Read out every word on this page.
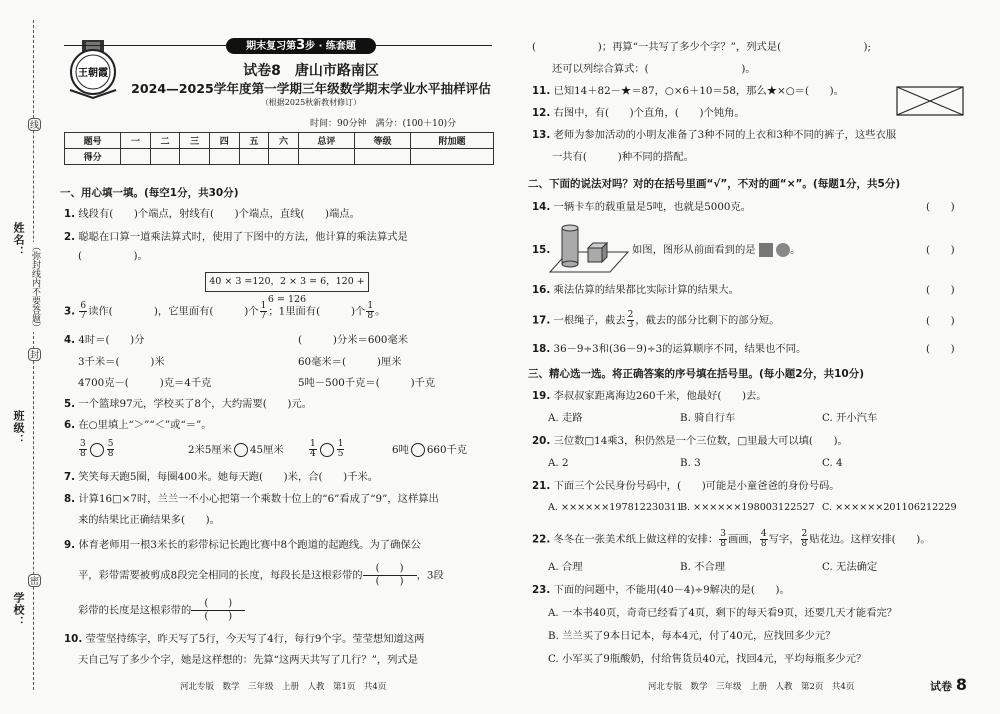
姓名：
班级：
学校：
（弥封线内不要答题）
线
封
密
王朝霞
期末复习第3步 · 练套题
试卷8　唐山市路南区
2024—2025学年度第一学期三年级数学期末学业水平抽样评估
（根据2025秋新教材修订）
时间：90分钟　满分：(100＋10)分
题号	一	二	三	四	五	六	总评	等级	附加题
得分									
一、用心填一填。(每空1分，共30分)
1. 线段有(　　)个端点，射线有(　　)个端点，直线(　　)端点。
2. 聪聪在口算一道乘法算式时，使用了下图中的方法，他计算的乘法算式是
(　　　　　)。
40 × 3 =120，2 × 3 = 6，120 + 6 = 126
3. $\frac{6}{7}$ 读作(　　　　)，它里面有(　　　)个 $\frac{1}{7}$ ；1里面有(　　　)个 $\frac{1}{8}$ 。
4. 4时＝(　　)分	(　　　)分米＝600毫米
3千米＝(　　　)米	60毫米＝(　　　)厘米
4700克－(　　　)克＝4千克	5吨－500千克＝(　　　)千克
5. 一个篮球97元，学校买了8个，大约需要(　　)元。
6. 在○里填上“＞”“＜”或“＝”。
$\frac{3}{8} \frac{5}{8}$	2米5厘米 45厘米	$\frac{1}{4} \frac{1}{5}$	6吨 660千克
7. 笑笑每天跑5圈，每圈400米。她每天跑(　　)米，合(　　)千米。
8. 计算16□×7时，兰兰一不小心把第一个乘数十位上的“6”看成了“9”，这样算出
来的结果比正确结果多(　　)。
9. 体育老师用一根3米长的彩带标记长跑比赛中8个跑道的起跑线。为了确保公
平，彩带需要被剪成8段完全相同的长度，每段长是这根彩带的 $\frac{( )}{( )}$，3段
彩带的长度是这根彩带的 $\frac{( )}{( )}$
10. 莹莹坚持练字，昨天写了5行，今天写了4行，每行9个字。莹莹想知道这两
天自己写了多少个字，她是这样想的：先算“这两天共写了几行？”，列式是
河北专版　数学　三年级　上册　人教　第1页　共4页
(　　　　　　)；再算“一共写了多少个字？”，列式是(　　　　　　　　);
还可以列综合算式：(　　　　　　　　　)。
11. 已知14＋82－★＝87，○×6＋10＝58，那么★×○＝(　　)。
12. 右图中，有(　　)个直角，(　　)个钝角。
13. 老师为参加活动的小明友准备了3种不同的上衣和3种不同的裤子，这些衣服
一共有(　　　)种不同的搭配。
二、下面的说法对吗？对的在括号里画“√”，不对的画“×”。(每题1分，共5分)
14. 一辆卡车的载重量是5吨，也就是5000克。	(　　)
15.	如图，图形从前面看到的是	。	(　　)
16. 乘法估算的结果都比实际计算的结果大。	(　　)
17. 一根绳子，截去 $\frac{2}{3}$ ，截去的部分比剩下的部分短。	(　　)
18. 36－9÷3和(36－9)÷3的运算顺序不同，结果也不同。	(　　)
三、精心选一选。将正确答案的序号填在括号里。(每小题2分，共10分)
19. 李叔叔家距离海边260千米，他最好(　　)去。
A. 走路	B. 骑自行车	C. 开小汽车
20. 三位数□14乘3，积仍然是一个三位数，□里最大可以填(　　)。
A. 2	B. 3	C. 4
21. 下面三个公民身份号码中，(　　)可能是小童爸爸的身份号码。
A. ××××××197812230311
B. ××××××198003122527 C. ××××××201106212229
22. 冬冬在一张美术纸上做这样的安排： $\frac{3}{8}$ 画画， $\frac{4}{8}$ 写字， $\frac{2}{8}$ 贴花边。这样安排(　　)。
A. 合理	B. 不合理	C. 无法确定
23. 下面的问题中，不能用(40－4)÷9解决的是(　　)。
A. 一本书40页，奇奇已经看了4页，剩下的每天看9页，还要几天才能看完？
B. 兰兰买了9本日记本，每本4元，付了40元，应找回多少元？
C. 小军买了9瓶酸奶，付给售货员40元，找回4元，平均每瓶多少元？
河北专版　数学　三年级　上册　人教　第2页　共4页	试卷 8
